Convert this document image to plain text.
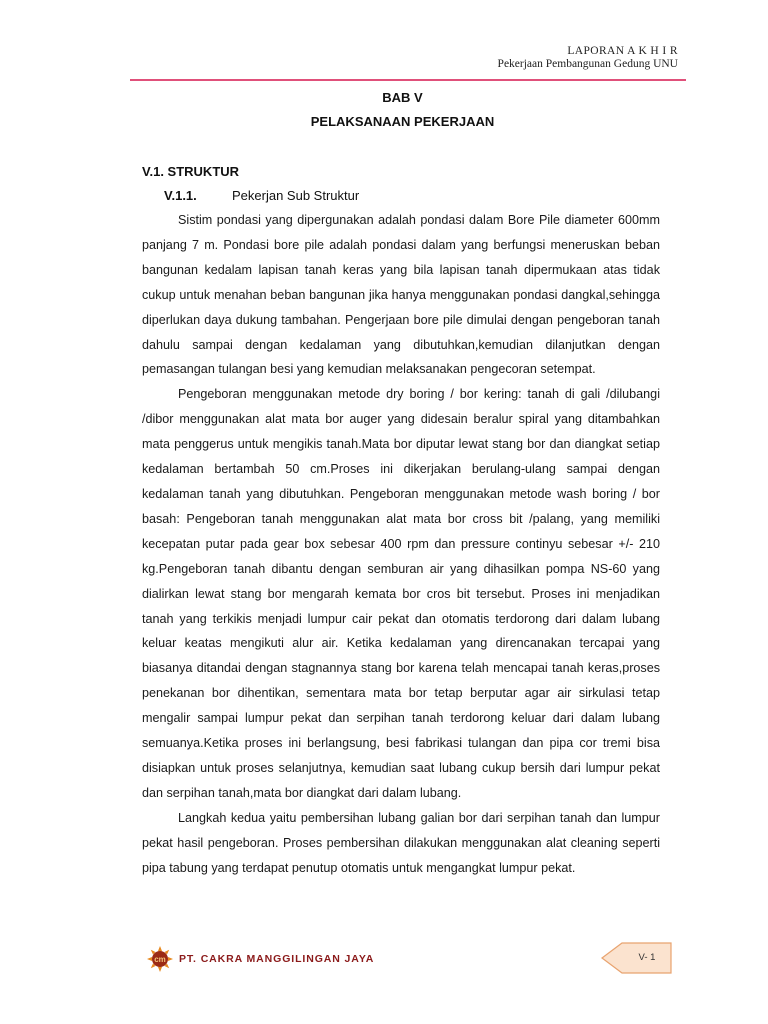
LAPORAN A K H I R
Pekerjaan Pembangunan Gedung UNU
BAB V
PELAKSANAAN PEKERJAAN
V.1. STRUKTUR
V.1.1.	Pekerjan Sub Struktur

Sistim pondasi yang dipergunakan adalah pondasi dalam Bore Pile diameter 600mm panjang 7 m. Pondasi bore pile adalah pondasi dalam yang berfungsi meneruskan beban bangunan kedalam lapisan tanah keras yang bila lapisan tanah dipermukaan atas tidak cukup untuk menahan beban bangunan jika hanya menggunakan pondasi dangkal,sehingga diperlukan daya dukung tambahan. Pengerjaan bore pile dimulai dengan pengeboran tanah dahulu sampai dengan kedalaman yang dibutuhkan,kemudian dilanjutkan dengan pemasangan tulangan besi yang kemudian melaksanakan pengecoran setempat.

Pengeboran menggunakan metode dry boring / bor kering: tanah di gali /dilubangi /dibor menggunakan alat mata bor auger yang didesain beralur spiral yang ditambahkan mata penggerus untuk mengikis tanah.Mata bor diputar lewat stang bor dan diangkat setiap kedalaman bertambah 50 cm.Proses ini dikerjakan berulang-ulang sampai dengan kedalaman tanah yang dibutuhkan. Pengeboran menggunakan metode wash boring / bor basah: Pengeboran tanah menggunakan alat mata bor cross bit /palang, yang memiliki kecepatan putar pada gear box sebesar 400 rpm dan pressure continyu sebesar +/- 210 kg.Pengeboran tanah dibantu dengan semburan air yang dihasilkan pompa NS-60 yang dialirkan lewat stang bor mengarah kemata bor cros bit tersebut. Proses ini menjadikan tanah yang terkikis menjadi lumpur cair pekat dan otomatis terdorong dari dalam lubang keluar keatas mengikuti alur air. Ketika kedalaman yang direncanakan tercapai yang biasanya ditandai dengan stagnannya stang bor karena telah mencapai tanah keras,proses penekanan bor dihentikan, sementara mata bor tetap berputar agar air sirkulasi tetap mengalir sampai lumpur pekat dan serpihan tanah terdorong keluar dari dalam lubang semuanya.Ketika proses ini berlangsung, besi fabrikasi tulangan dan pipa cor tremi bisa disiapkan untuk proses selanjutnya, kemudian saat lubang cukup bersih dari lumpur pekat dan serpihan tanah,mata bor diangkat dari dalam lubang.

Langkah kedua yaitu pembersihan lubang galian bor dari serpihan tanah dan lumpur pekat hasil pengeboran. Proses pembersihan dilakukan menggunakan alat cleaning seperti pipa tabung yang terdapat penutup otomatis untuk mengangkat lumpur pekat.

cm PT. CAKRA MANGGILINGAN JAYA	V- 1
